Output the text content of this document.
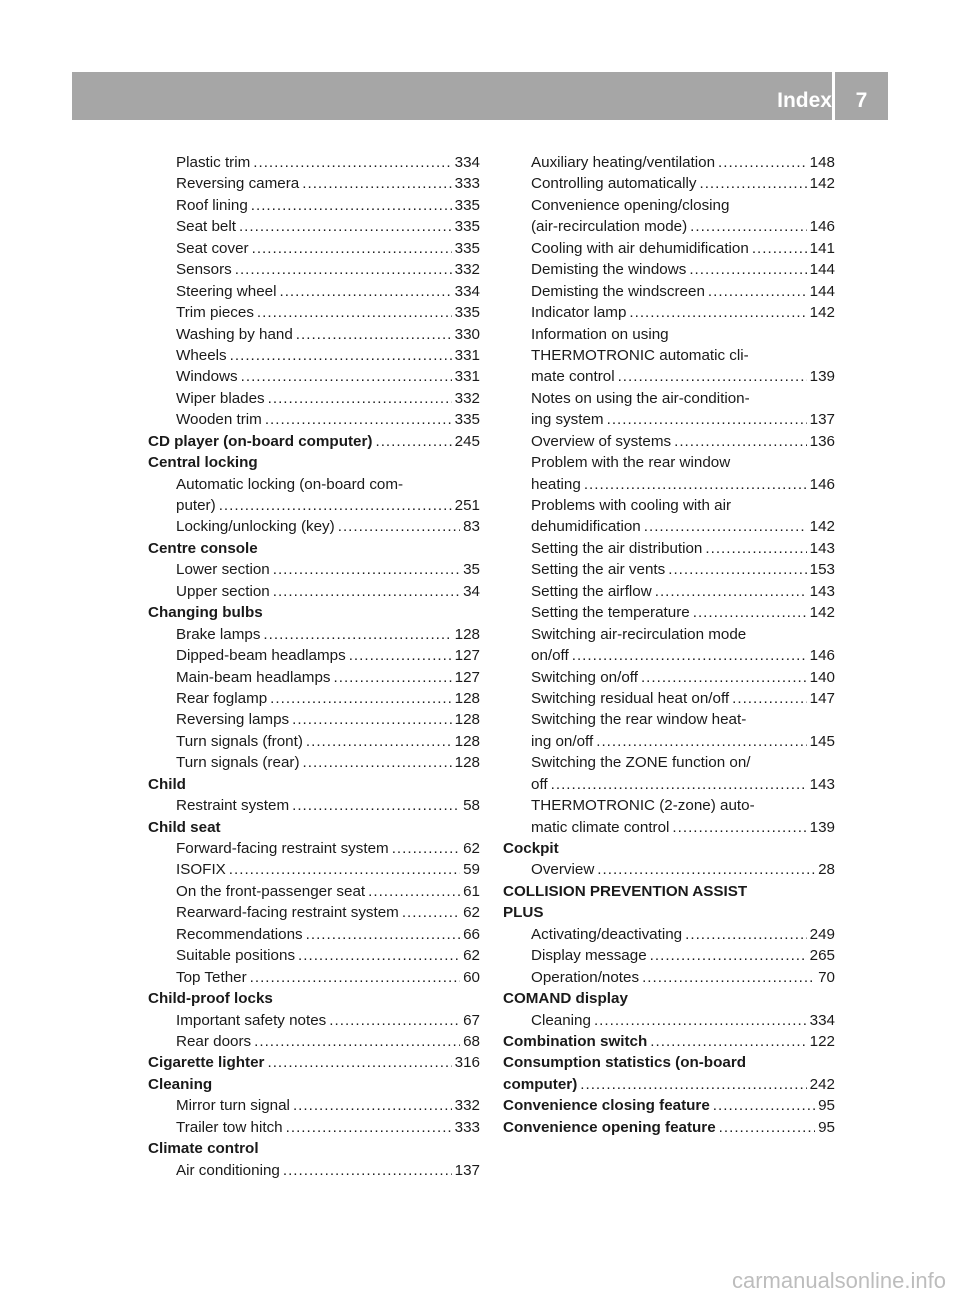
Index	7
Plastic trim .....	334
Reversing camera .....	333
Roof lining .....	335
Seat belt .....	335
Seat cover .....	335
Sensors .....	332
Steering wheel .....	334
Trim pieces .....	335
Washing by hand .....	330
Wheels .....	331
Windows .....	331
Wiper blades .....	332
Wooden trim .....	335
CD player (on-board computer) .....	245
Central locking
Automatic locking (on-board com-
puter) .....	251
Locking/unlocking (key) .....	83
Centre console
Lower section .....	35
Upper section .....	34
Changing bulbs
Brake lamps .....	128
Dipped-beam headlamps .....	127
Main-beam headlamps .....	127
Rear foglamp .....	128
Reversing lamps .....	128
Turn signals (front) .....	128
Turn signals (rear) .....	128
Child
Restraint system .....	58
Child seat
Forward-facing restraint system .....	62
ISOFIX .....	59
On the front-passenger seat .....	61
Rearward-facing restraint system .....	62
Recommendations .....	66
Suitable positions .....	62
Top Tether .....	60
Child-proof locks
Important safety notes .....	67
Rear doors .....	68
Cigarette lighter .....	316
Cleaning
Mirror turn signal .....	332
Trailer tow hitch .....	333
Climate control
Air conditioning .....	137
Auxiliary heating/ventilation .....	148
Controlling automatically .....	142
Convenience opening/closing
(air-recirculation mode) .....	146
Cooling with air dehumidification .....	141
Demisting the windows .....	144
Demisting the windscreen .....	144
Indicator lamp .....	142
Information on using
THERMOTRONIC automatic cli-
mate control .....	139
Notes on using the air-condition-
ing system .....	137
Overview of systems .....	136
Problem with the rear window
heating .....	146
Problems with cooling with air
dehumidification .....	142
Setting the air distribution .....	143
Setting the air vents .....	153
Setting the airflow .....	143
Setting the temperature .....	142
Switching air-recirculation mode
on/off .....	146
Switching on/off .....	140
Switching residual heat on/off .....	147
Switching the rear window heat-
ing on/off .....	145
Switching the ZONE function on/
off .....	143
THERMOTRONIC (2-zone) auto-
matic climate control .....	139
Cockpit
Overview .....	28
COLLISION PREVENTION ASSIST
PLUS
Activating/deactivating .....	249
Display message .....	265
Operation/notes .....	70
COMAND display
Cleaning .....	334
Combination switch .....	122
Consumption statistics (on-board
computer) .....	242
Convenience closing feature .....	95
Convenience opening feature .....	95
carmanualsonline.info
